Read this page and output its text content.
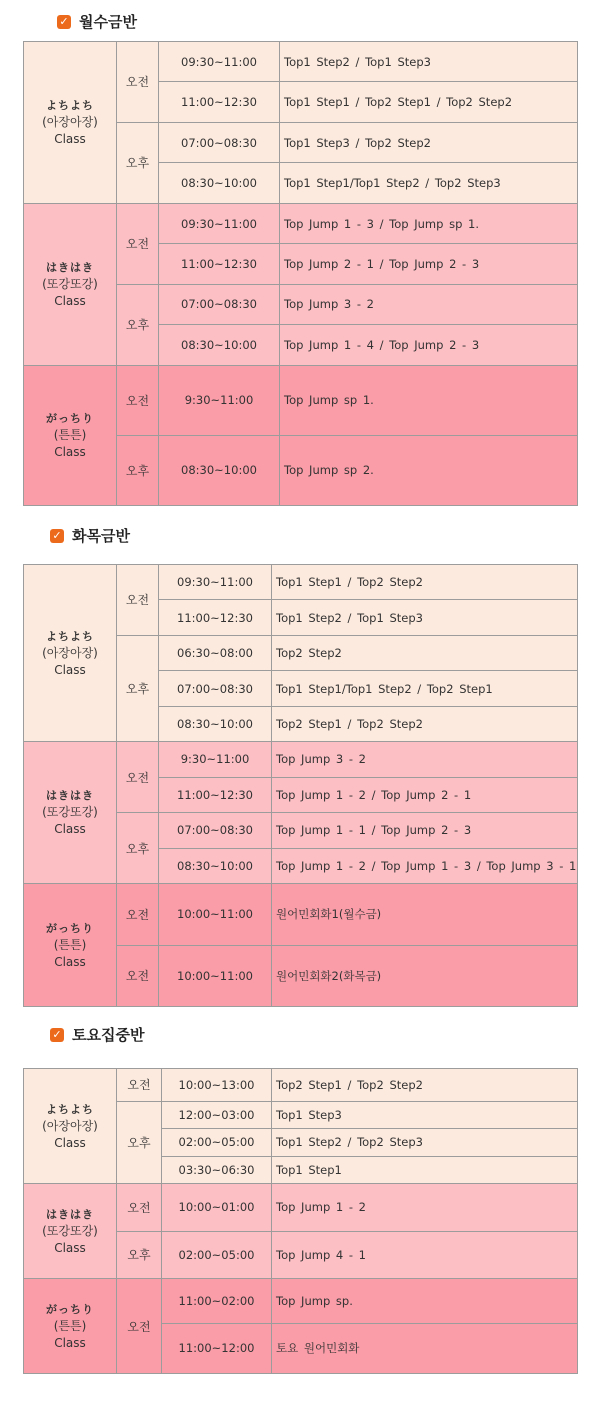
✓ 월수금반
よちよち
(아장아장)
Class	오전	09:30~11:00	Top1 Step2 / Top1 Step3
		11:00~12:30	Top1 Step1 / Top2 Step1 / Top2 Step2
	오후	07:00~08:30	Top1 Step3 / Top2 Step2
		08:30~10:00	Top1 Step1/Top1 Step2 / Top2 Step3

はきはき
(또강또강)
Class	오전	09:30~11:00	Top Jump 1 - 3 / Top Jump sp 1.
		11:00~12:30	Top Jump 2 - 1 / Top Jump 2 - 3
	오후	07:00~08:30	Top Jump 3 - 2
		08:30~10:00	Top Jump 1 - 4 / Top Jump 2 - 3

がっちり
(튼튼)
Class	오전	9:30~11:00	Top Jump sp 1.
	오후	08:30~10:00	Top Jump sp 2.
✓ 화목금반
よちよち
(아장아장)
Class	오전	09:30~11:00	Top1 Step1 / Top2 Step2
		11:00~12:30	Top1 Step2 / Top1 Step3
	오후	06:30~08:00	Top2 Step2
		07:00~08:30	Top1 Step1/Top1 Step2 / Top2 Step1
		08:30~10:00	Top2 Step1 / Top2 Step2

はきはき
(또강또강)
Class	오전	9:30~11:00	Top Jump 3 - 2
		11:00~12:30	Top Jump 1 - 2 / Top Jump 2 - 1
	오후	07:00~08:30	Top Jump 1 - 1 / Top Jump 2 - 3
		08:30~10:00	Top Jump 1 - 2 / Top Jump 1 - 3 / Top Jump 3 - 1

がっちり
(튼튼)
Class	오전	10:00~11:00	원어민회화1(월수금)
	오전	10:00~11:00	원어민회화2(화목금)
✓ 토요집중반
よちよち
(아장아장)
Class	오전	10:00~13:00	Top2 Step1 / Top2 Step2
	오후	12:00~03:00	Top1 Step3
		02:00~05:00	Top1 Step2 / Top2 Step3
		03:30~06:30	Top1 Step1

はきはき
(또강또강)
Class	오전	10:00~01:00	Top Jump 1 - 2
	오후	02:00~05:00	Top Jump 4 - 1

がっちり
(튼튼)
Class	오전	11:00~02:00	Top Jump sp.
		11:00~12:00	토요 원어민회화
